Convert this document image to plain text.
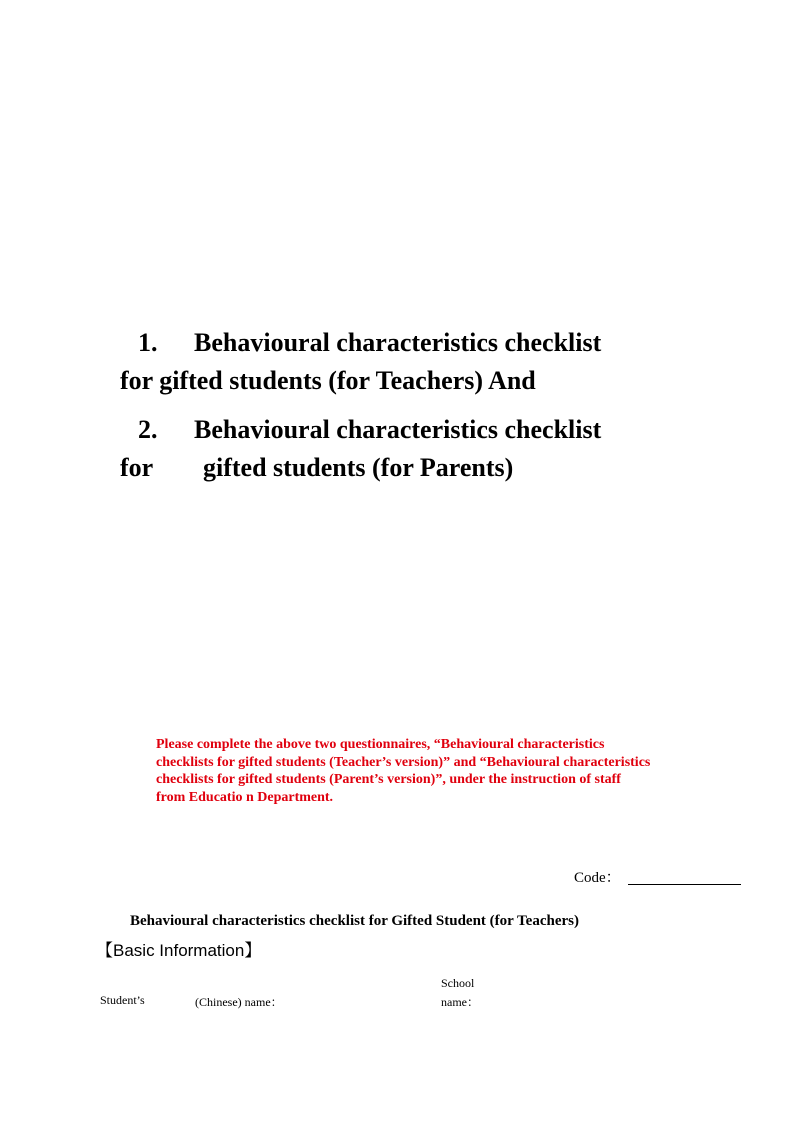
1. Behavioural characteristics checklist
for gifted students (for Teachers) And
2. Behavioural characteristics checklist
for gifted students (for Parents)
Please complete the above two questionnaires, “Behavioural characteristics
checklists for gifted students (Teacher’s version)” and “Behavioural characteristics
checklists for gifted students (Parent’s version)”, under the instruction of staff
from Educatio n Department.
Code：
Behavioural characteristics checklist for Gifted Student (for Teachers)
【Basic Information】
Student’s	(Chinese) name：
School
name：
